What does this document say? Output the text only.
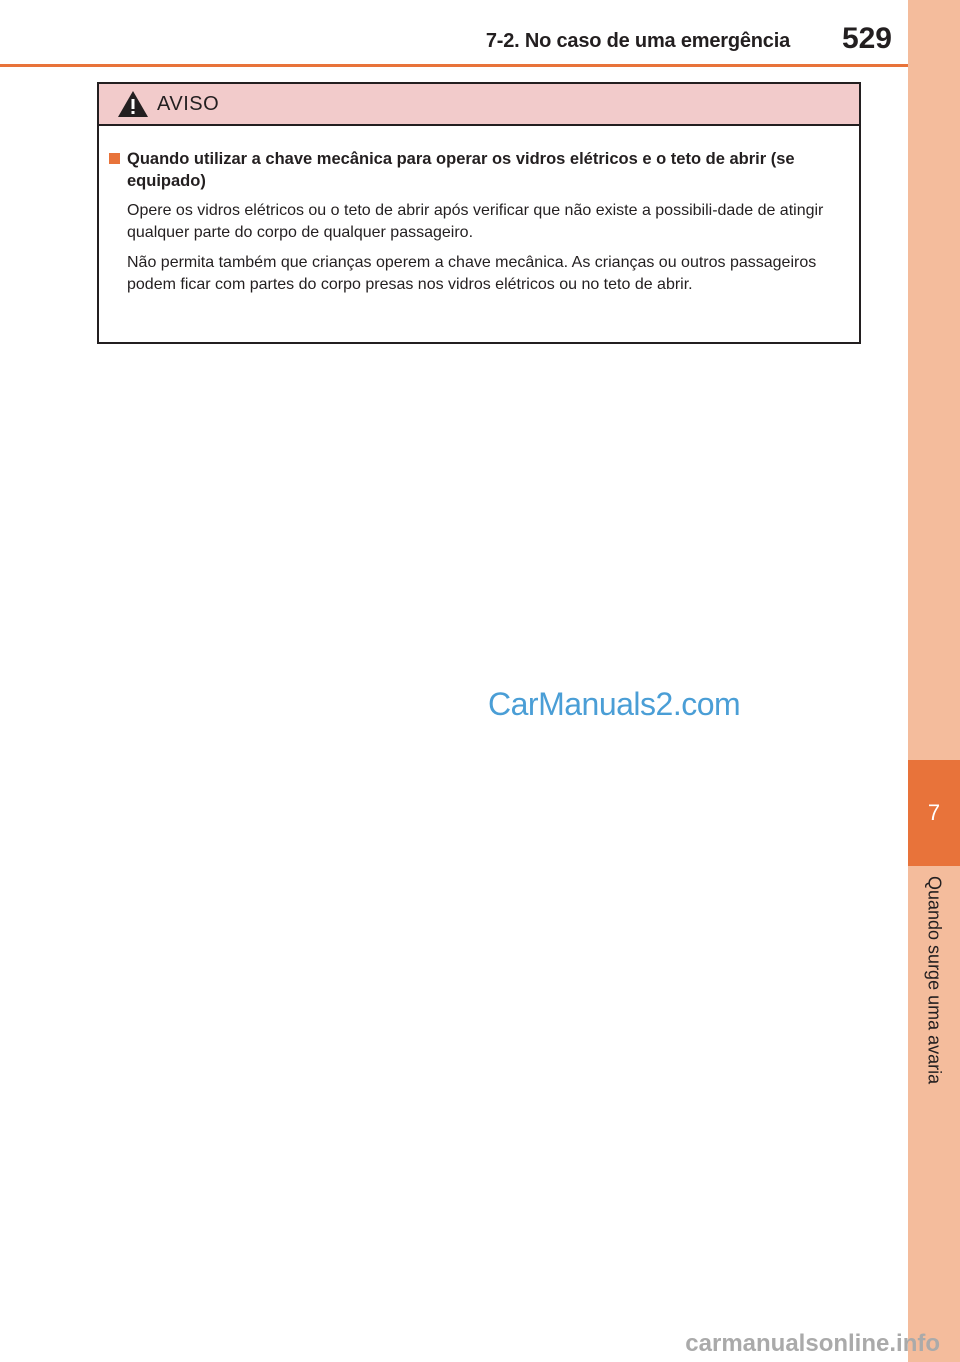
7
Quando surge uma avaria
7-2. No caso de uma emergência 529
AVISO
Quando utilizar a chave mecânica para operar os vidros elétricos e o teto de abrir (se equipado)

Opere os vidros elétricos ou o teto de abrir após verificar que não existe a possibili-dade de atingir qualquer parte do corpo de qualquer passageiro.

Não permita também que crianças operem a chave mecânica. As crianças ou outros passageiros podem ficar com partes do corpo presas nos vidros elétricos ou no teto de abrir.

CarManuals2.com
carmanualsonline.info
